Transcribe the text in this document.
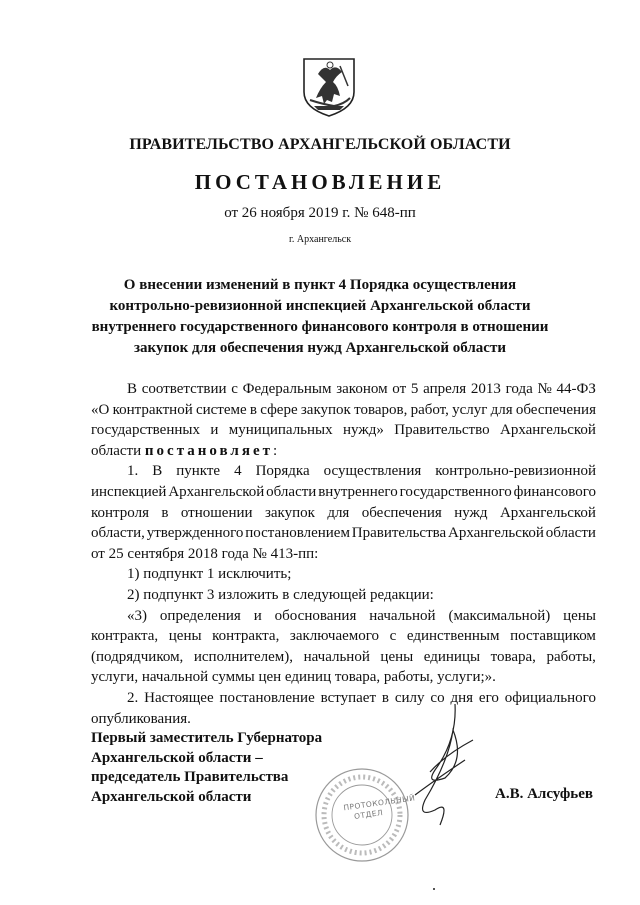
ПРАВИТЕЛЬСТВО АРХАНГЕЛЬСКОЙ ОБЛАСТИ
ПОСТАНОВЛЕНИЕ
от 26 ноября 2019 г. № 648-пп
г. Архангельск
О внесении изменений в пункт 4 Порядка осуществления
контрольно-ревизионной инспекцией Архангельской области
внутреннего государственного финансового контроля в отношении
закупок для обеспечения нужд Архангельской области
В соответствии с Федеральным законом от 5 апреля 2013 года № 44-ФЗ
«О контрактной системе в сфере закупок товаров, работ, услуг для обеспечения
государственных и муниципальных нужд» Правительство Архангельской
области постановляет:
1. В пункте 4 Порядка осуществления контрольно-ревизионной
инспекцией Архангельской области внутреннего государственного финансового
контроля в отношении закупок для обеспечения нужд Архангельской
области, утвержденного постановлением Правительства Архангельской области
от 25 сентября 2018 года № 413-пп:
1) подпункт 1 исключить;
2) подпункт 3 изложить в следующей редакции:
«3) определения и обоснования начальной (максимальной) цены
контракта, цены контракта, заключаемого с единственным поставщиком
(подрядчиком, исполнителем), начальной цены единицы товара, работы,
услуги, начальной суммы цен единиц товара, работы, услуги;».
2. Настоящее постановление вступает в силу со дня его официального
опубликования.
Первый заместитель Губернатора
Архангельской области –
председатель Правительства
Архангельской области	А.В. Алсуфьев
ПРОТОКОЛЬНЫЙ ОТДЕЛ
